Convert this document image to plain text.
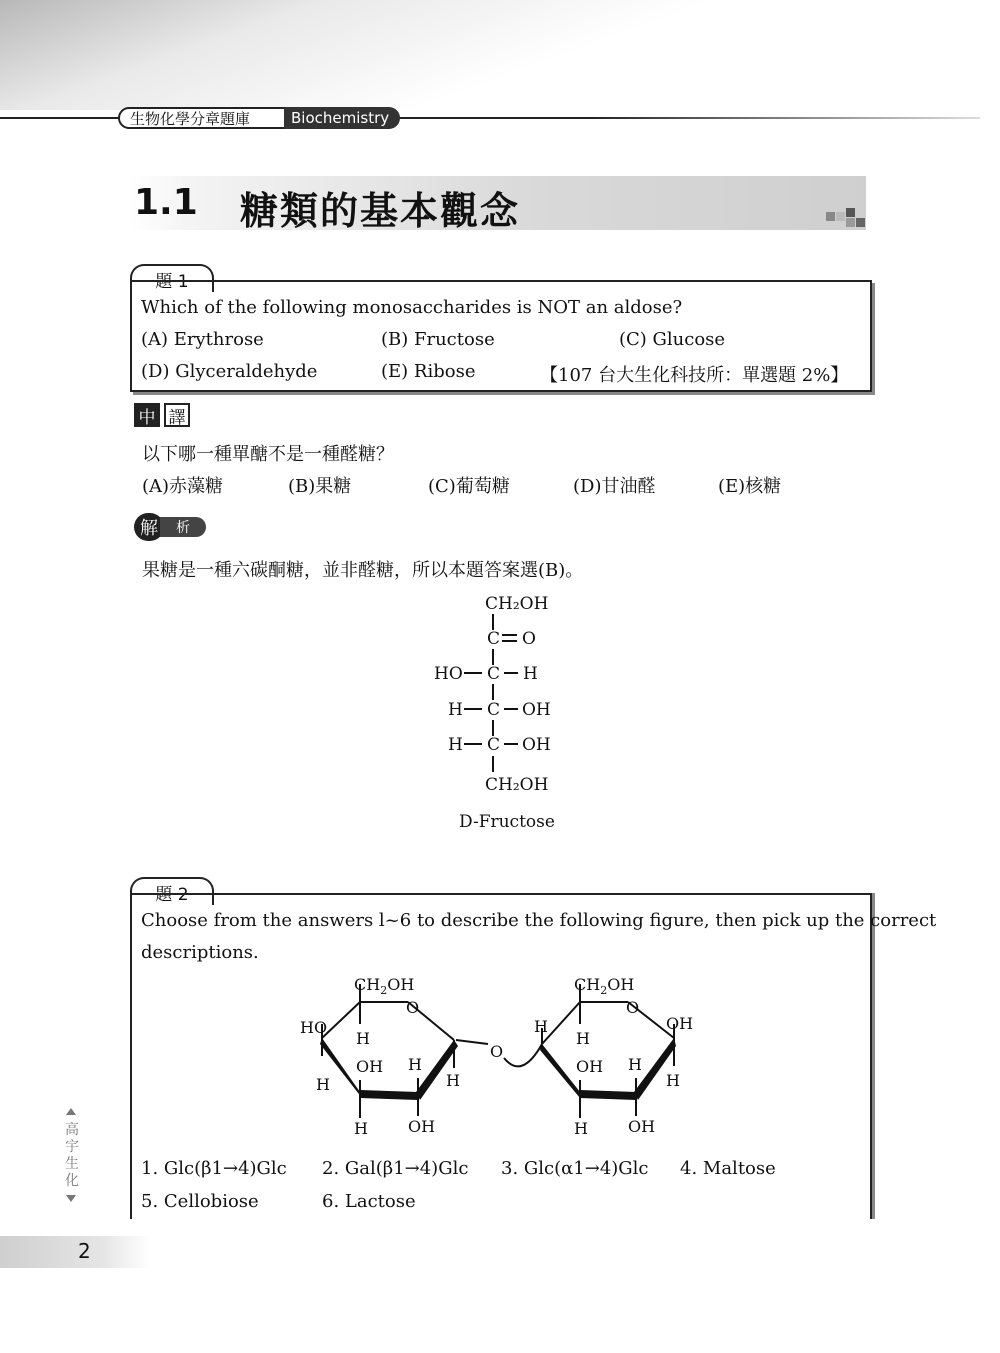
生物化學分章題庫	Biochemistry
1.1 糖類的基本觀念
題 1
Which of the following monosaccharides is NOT an aldose?
(A) Erythrose	(B) Fructose	(C) Glucose
(D) Glyceraldehyde	(E) Ribose	【107 台大生化科技所：單選題 2%】
中 譯
以下哪一種單醣不是一種醛糖？
(A)赤藻糖	(B)果糖	(C)葡萄糖	(D)甘油醛	(E)核糖
解	析
果糖是一種六碳酮糖，並非醛糖，所以本題答案選(B)。
CH₂OH
C O
HO C H
H C OH
H C OH
CH₂OH
D-Fructose
題 2
Choose from the answers l~6 to describe the following figure, then pick up the correct
descriptions.
1. Glc(β1→4)Glc 2. Gal(β1→4)Glc 3. Glc(α1→4)Glc 4. Maltose
5. Cellobiose	6. Lactose
$CH_2OH$
O
HO
H
OH H
H	H
H	OH
O
$CH_2OH$
O
H	OH
H
OH H
H
H	OH
高宇生化
2
